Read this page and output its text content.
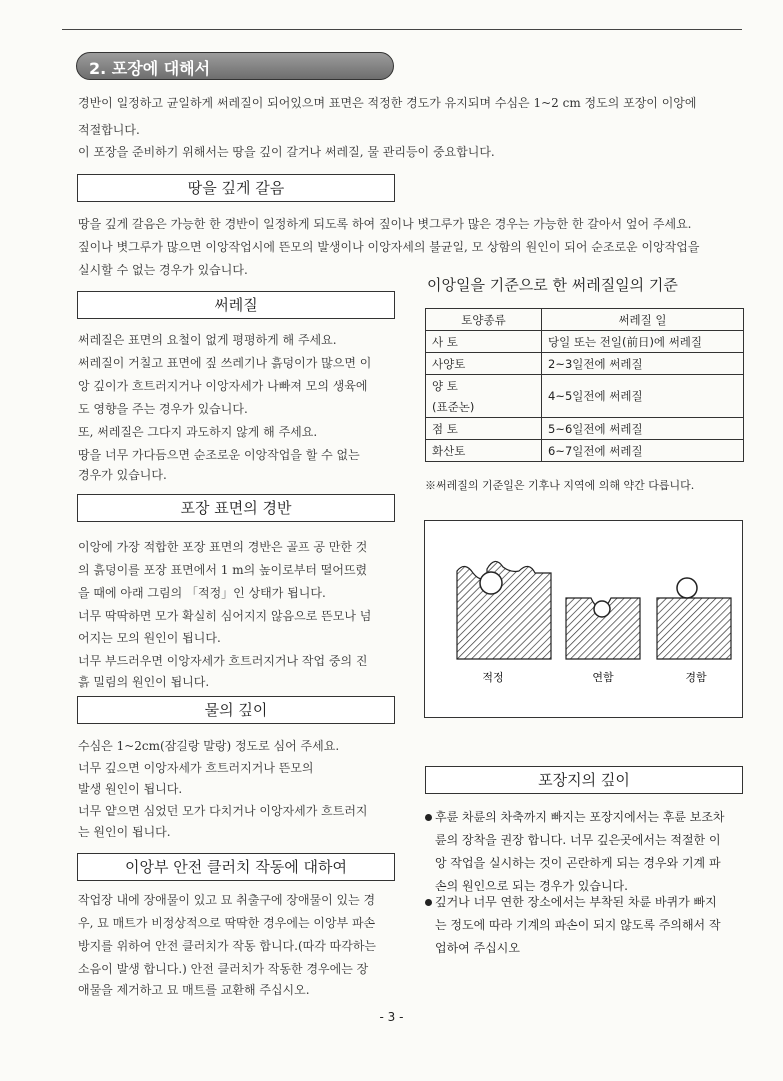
2. 포장에 대해서
경반이 일정하고 균일하게 써레질이 되어있으며 표면은 적정한 경도가 유지되며 수심은 1~2 cm 정도의 포장이 이앙에
적절합니다.
이 포장을 준비하기 위해서는 땅을 깊이 갈거나 써레질, 물 관리등이 중요합니다.
땅을 깊게 갈음
땅을 깊게 갈음은 가능한 한 경반이 일정하게 되도록 하여 짚이나 볏그루가 많은 경우는 가능한 한 갈아서 엎어 주세요.
짚이나 볏그루가 많으면 이앙작업시에 뜬모의 발생이나 이앙자세의 불균일, 모 상함의 원인이 되어 순조로운 이앙작업을
실시할 수 없는 경우가 있습니다.
써레질
써레질은 표면의 요철이 없게 평평하게 해 주세요.
써레질이 거칠고 표면에 짚 쓰레기나 흙덩이가 많으면 이
앙 깊이가 흐트러지거나 이앙자세가 나빠져 모의 생육에
도 영향을 주는 경우가 있습니다.
또, 써레질은 그다지 과도하지 않게 해 주세요.
땅을 너무 가다듬으면 순조로운 이앙작업을 할 수 없는
경우가 있습니다.
이앙일을 기준으로 한 써레질일의 기준
토양종류	써레질 일
사 토	당일 또는 전일(前日)에 써레질
사양토	2~3일전에 써레질
양 토	4~5일전에 써레질
(표준논)	
점 토	5~6일전에 써레질
화산토	6~7일전에 써레질
※써레질의 기준일은 기후나 지역에 의해 약간 다릅니다.
포장 표면의 경반
이앙에 가장 적합한 포장 표면의 경반은 골프 공 만한 것
의 흙덩이를 포장 표면에서 1 m의 높이로부터 떨어뜨렸
을 때에 아래 그림의 「적정」인 상태가 됩니다.
너무 딱딱하면 모가 확실히 심어지지 않음으로 뜬모나 넘
어지는 모의 원인이 됩니다.
너무 부드러우면 이앙자세가 흐트러지거나 작업 중의 진
흙 밀림의 원인이 됩니다.	적정	연함	경함
물의 깊이
수심은 1~2cm(잠길랑 말랑) 정도로 심어 주세요.
너무 깊으면 이앙자세가 흐트러지거나 뜬모의
발생 원인이 됩니다.
너무 얕으면 심었던 모가 다치거나 이앙자세가 흐트러지
는 원인이 됩니다.
이앙부 안전 클러치 작동에 대하여
작업장 내에 장애물이 있고 묘 취출구에 장애물이 있는 경
우, 묘 매트가 비정상적으로 딱딱한 경우에는 이앙부 파손
방지를 위하여 안전 클러치가 작동 합니다.(따각 따각하는
소음이 발생 합니다.) 안전 클러치가 작동한 경우에는 장
애물을 제거하고 묘 매트를 교환해 주십시오.
포장지의 깊이
후륜 차륜의 차축까지 빠지는 포장지에서는 후륜 보조차
륜의 장착을 권장 합니다. 너무 깊은곳에서는 적절한 이
앙 작업을 실시하는 것이 곤란하게 되는 경우와 기계 파
손의 원인으로 되는 경우가 있습니다.
깊거나 너무 연한 장소에서는 부착된 차륜 바퀴가 빠지
는 정도에 따라 기계의 파손이 되지 않도록 주의해서 작
업하여 주십시오
- 3 -
